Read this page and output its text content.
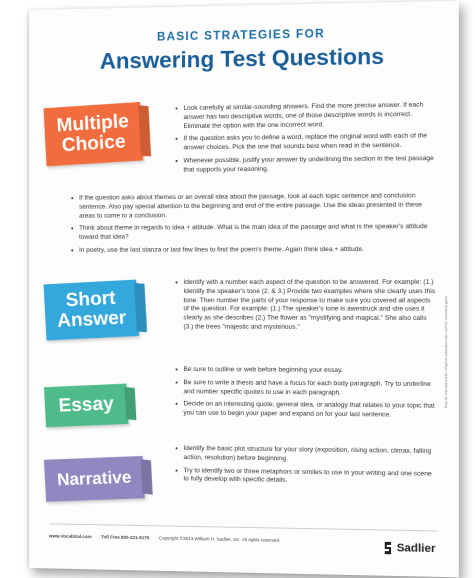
BASIC STRATEGIES FOR
Answering Test Questions
Multiple
Choice
• Look carefully at similar-sounding answers. Find the more precise answer. If each answer has two descriptive words, one of those descriptive words is incorrect. Eliminate the option with the one incorrect word.
• If the question asks you to define a word, replace the original word with each of the answer choices. Pick the one that sounds best when read in the sentence.
• Whenever possible, justify your answer by underlining the section in the test passage that supports your reasoning.
• If the question asks about themes or an overall idea about the passage, look at each topic sentence and conclusion sentence. Also pay special attention to the beginning and end of the entire passage. Use the ideas presented in these areas to come to a conclusion.
• Think about theme in regards to idea + attitude. What is the main idea of the passage and what is the speaker's attitude toward that idea?
• In poetry, use the last stanza or last few lines to find the poem's theme. Again think idea + attitude.
Short
Answer
• Identify with a number each aspect of the question to be answered. For example: (1.) Identify the speaker's tone (2. & 3.) Provide two examples where she clearly uses this tone. Then number the parts of your response to make sure you covered all aspects of the question. For example: (1.) The speaker's tone is awestruck and she uses it clearly as she describes (2.) The flower as "mystifying and magical." She also calls (3.) the trees "majestic and mysterious."
Essay
• Be sure to outline or web before beginning your essay.
• Be sure to write a thesis and have a focus for each body paragraph. Try to underline and number specific quotes to use in each paragraph.
• Decide on an interesting quote, general idea, or analogy that relates to your topic that you can use to begin your paper and expand on for your last sentence.
Narrative
• Identify the basic plot structure for your story (exposition, rising action, climax, falling action, resolution) before beginning.
• Try to identify two or three metaphors or similes to use in your writing and one scene to fully develop with specific details.
www.VocabGal.com Toll Free 800-221-5175 Copyright ©2014 William H. Sadlier, Inc. All rights reserved.
Sadlier
May be reproduced for religious education use (not for monetary gain).
